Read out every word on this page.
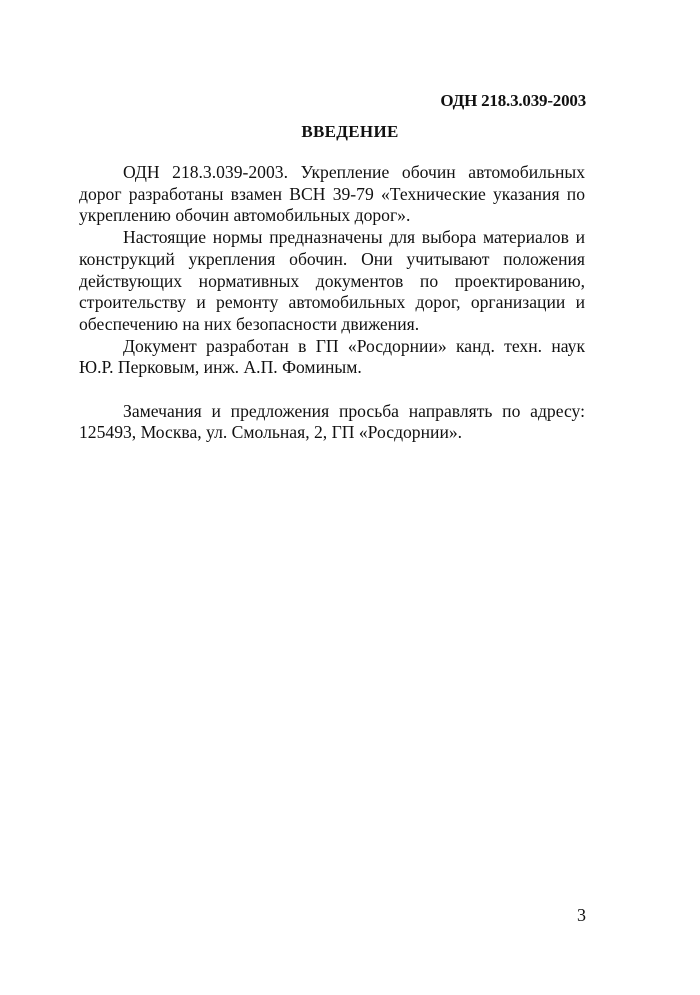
ОДН 218.3.039-2003
ВВЕДЕНИЕ
ОДН 218.3.039-2003. Укрепление обочин автомобильных
дорог разработаны взамен ВСН 39-79 «Технические указания по
укреплению обочин автомобильных дорог».
Настоящие нормы предназначены для выбора материалов и
конструкций укрепления обочин. Они учитывают положения
действующих нормативных документов по проектированию,
строительству и ремонту автомобильных дорог, организации и
обеспечению на них безопасности движения.
Документ разработан в ГП «Росдорнии» канд. техн. наук
Ю.Р. Перковым, инж. А.П. Фоминым.
Замечания и предложения просьба направлять по адресу:
125493, Москва, ул. Смольная, 2, ГП «Росдорнии».
3
